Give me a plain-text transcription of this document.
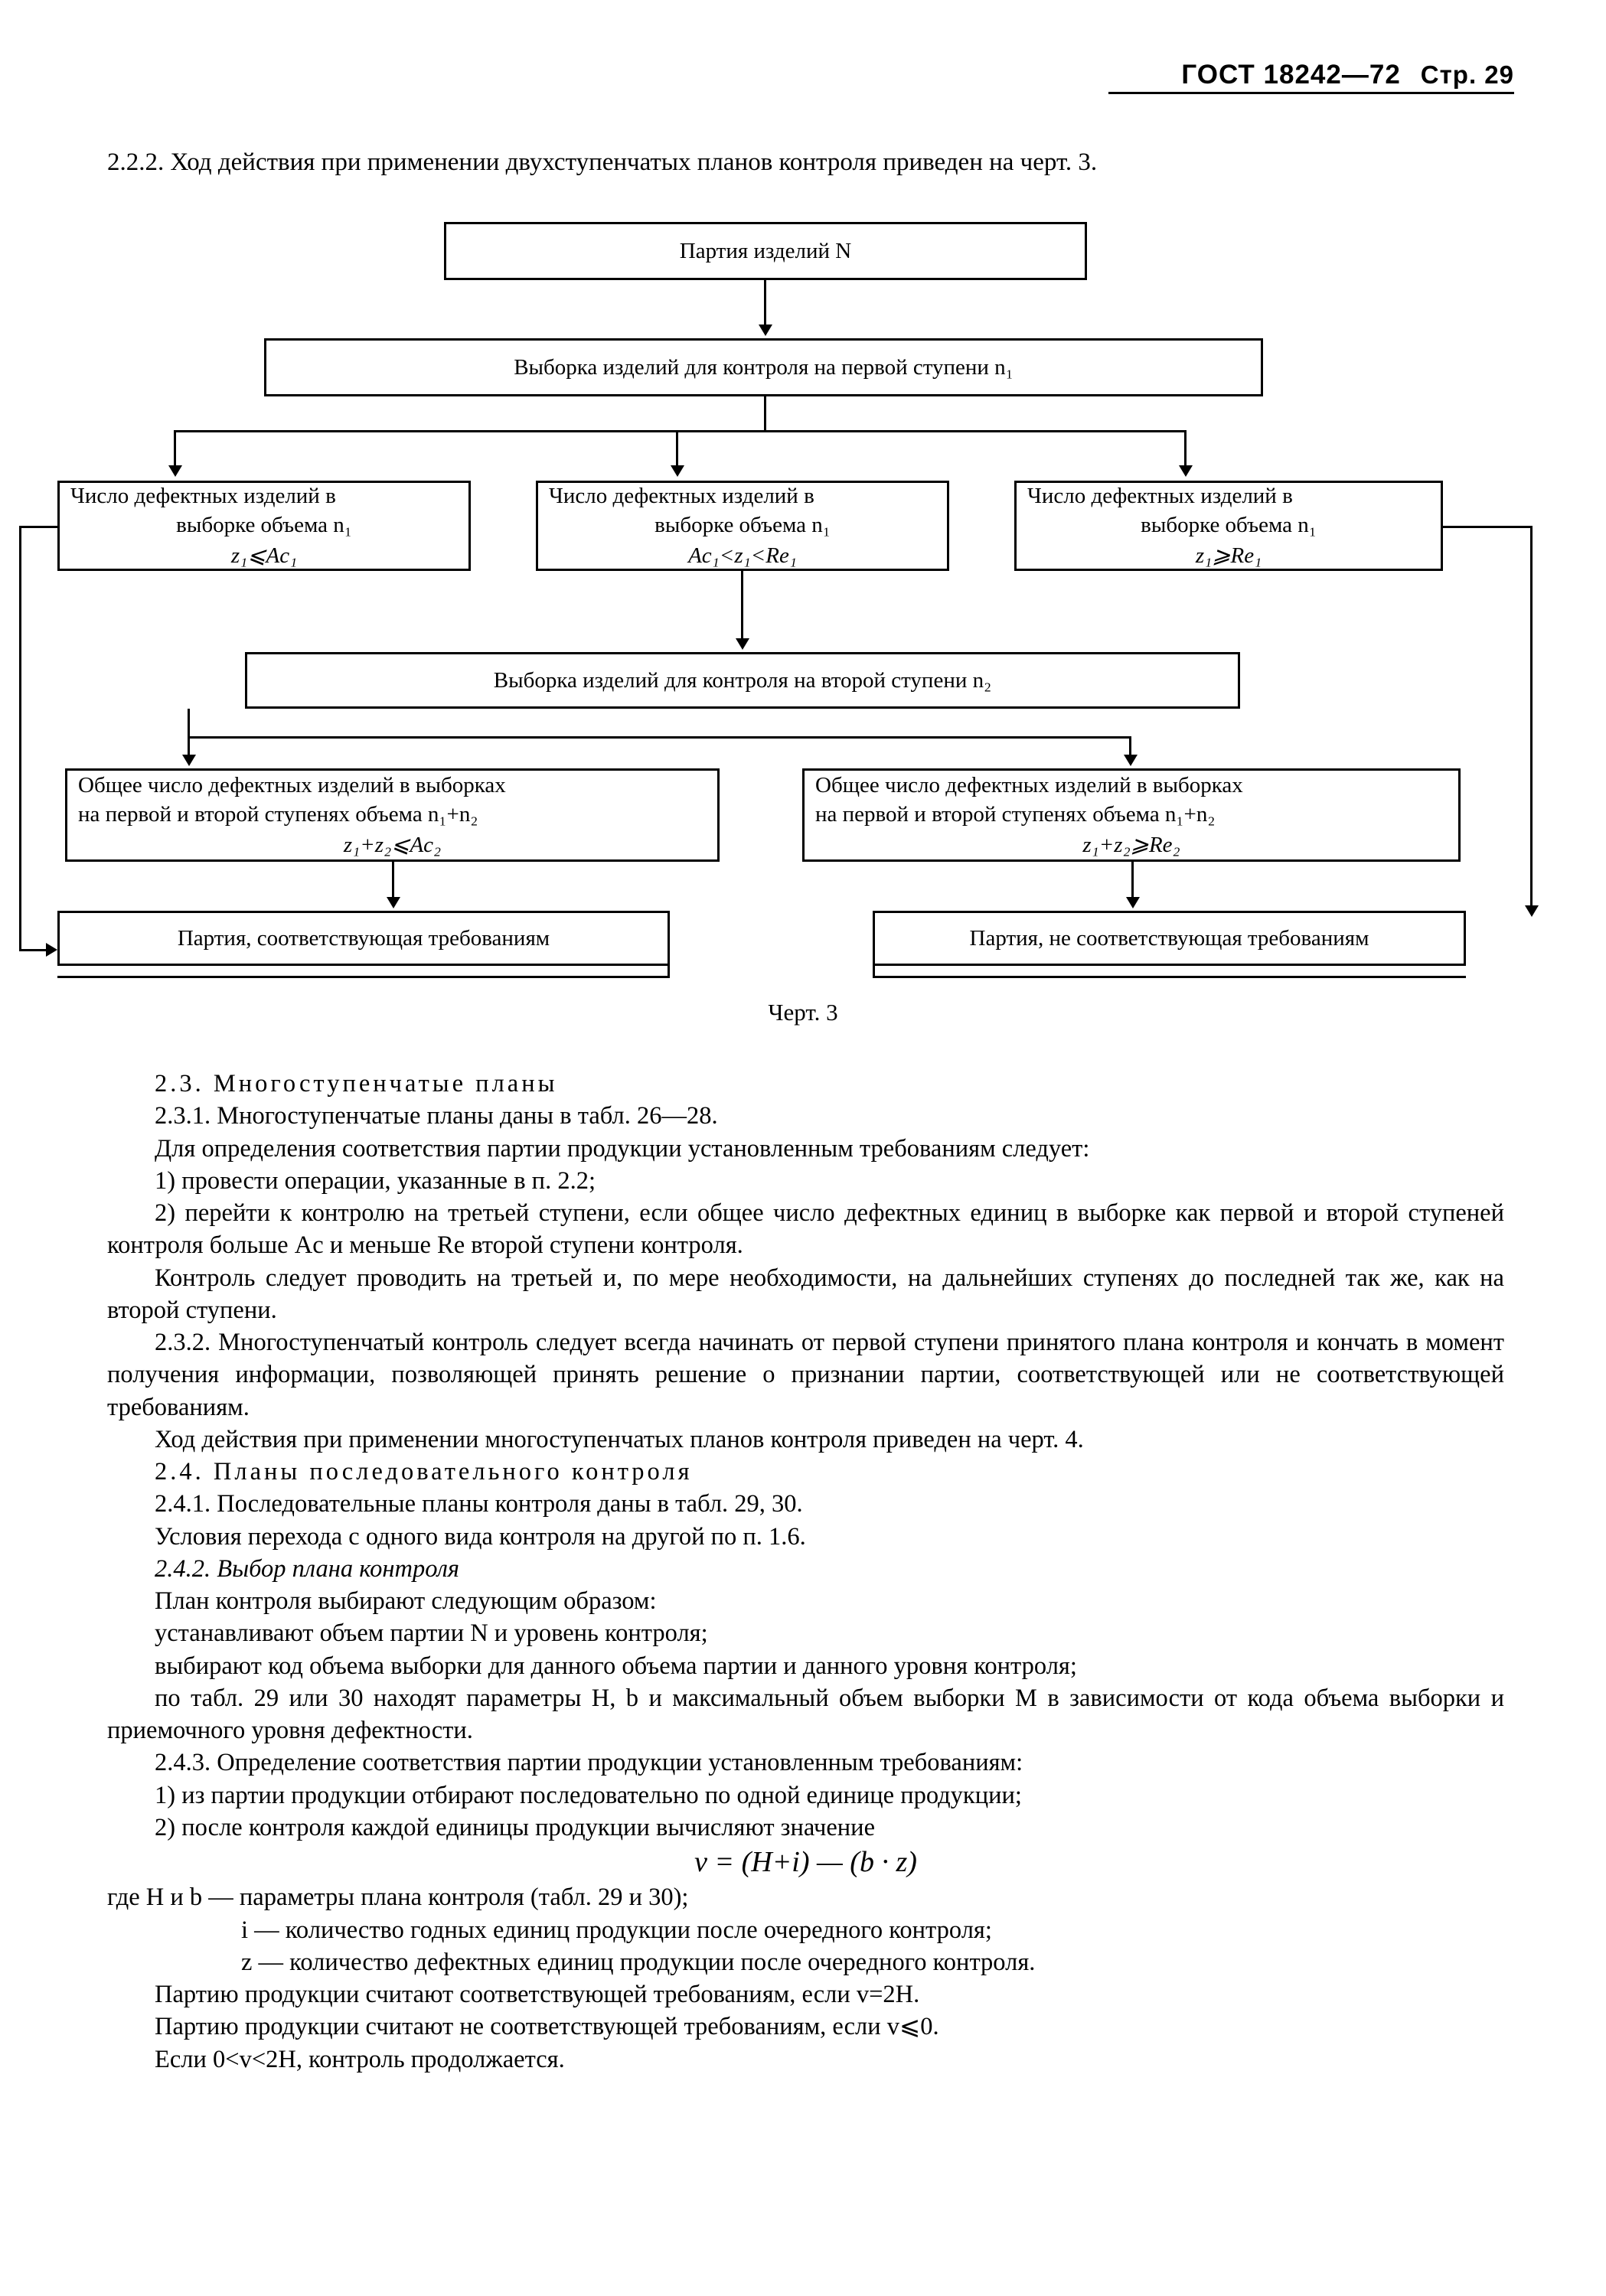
ГОСТ 18242—72 Стр. 29
2.2.2. Ход действия при применении двухступенчатых планов контроля приведен на черт. 3.
Партия изделий N
Выборка изделий для контроля на первой ступени n₁
Число дефектных изделий в
выборке объема n₁
z₁⩽Ac₁
Число дефектных изделий в
выборке объема n₁
Ac₁<z₁<Re₁
Число дефектных изделий в
выборке объема n₁
z₁⩾Re₁
Выборка изделий для контроля на второй ступени n₂
Общее число дефектных изделий в выборках
на первой и второй ступенях объема n₁+n₂
z₁+z₂⩽Ac₂
Общее число дефектных изделий в выборках
на первой и второй ступенях объема n₁+n₂
z₁+z₂⩾Re₂
Партия, соответствующая требованиям	Партия, не соответствующая требованиям
Черт. 3

2.3. Многоступенчатые планы

2.3.1. Многоступенчатые планы даны в табл. 26—28.

Для определения соответствия партии продукции установленным требованиям следует:

1) провести операции, указанные в п. 2.2;

2) перейти к контролю на третьей ступени, если общее число дефектных единиц в выборке как первой и второй ступеней контроля больше Ac и меньше Re второй ступени контроля.

Контроль следует проводить на третьей и, по мере необходимости, на дальнейших ступенях до последней так же, как на второй ступени.

2.3.2. Многоступенчатый контроль следует всегда начинать от первой ступени принятого плана контроля и кончать в момент получения информации, позволяющей принять решение о признании партии, соответствующей или не соответствующей требованиям.

Ход действия при применении многоступенчатых планов контроля приведен на черт. 4.

2.4. Планы последовательного контроля

2.4.1. Последовательные планы контроля даны в табл. 29, 30.

Условия перехода с одного вида контроля на другой по п. 1.6.

2.4.2. Выбор плана контроля

План контроля выбирают следующим образом:

устанавливают объем партии N и уровень контроля;

выбирают код объема выборки для данного объема партии и данного уровня контроля;

по табл. 29 или 30 находят параметры H, b и максимальный объем выборки M в зависимости от кода объема выборки и приемочного уровня дефектности.

2.4.3. Определение соответствия партии продукции установленным требованиям:

1) из партии продукции отбирают последовательно по одной единице продукции;

2) после контроля каждой единицы продукции вычисляют значение

v = (H+i) — (b · z)

где H и b — параметры плана контроля (табл. 29 и 30);

i — количество годных единиц продукции после очередного контроля;

z — количество дефектных единиц продукции после очередного контроля.

Партию продукции считают соответствующей требованиям, если v=2H.

Партию продукции считают не соответствующей требованиям, если v⩽0.

Если 0<v<2H, контроль продолжается.
